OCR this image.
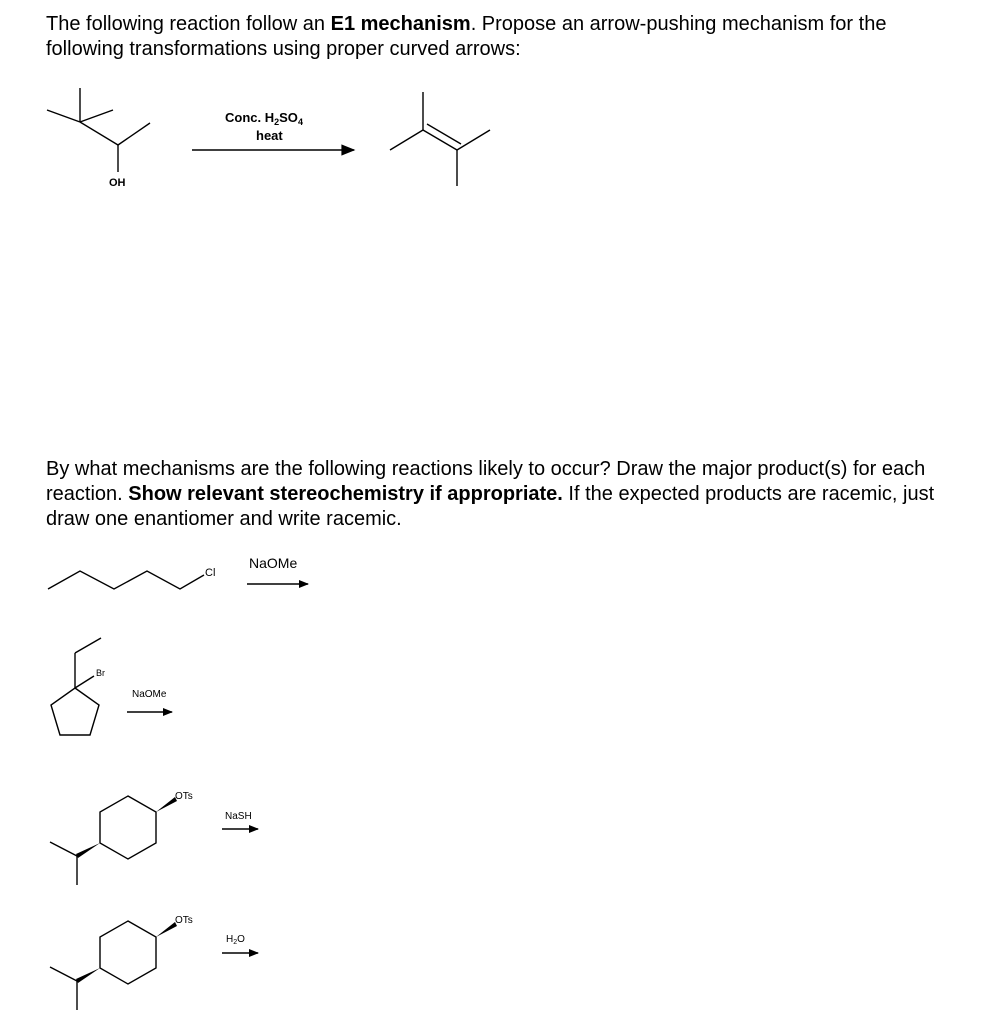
The following reaction follow an E1 mechanism. Propose an arrow-pushing mechanism for the following transformations using proper curved arrows:

By what mechanisms are the following reactions likely to occur? Draw the major product(s) for each reaction. Show relevant stereochemistry if appropriate. If the expected products are racemic, just draw one enantiomer and write racemic.

OH
Conc. $H_2SO_4$
heat
Cl
NaOMe
Br
NaOMe
OTs
NaSH
OTs
$H_2O$
